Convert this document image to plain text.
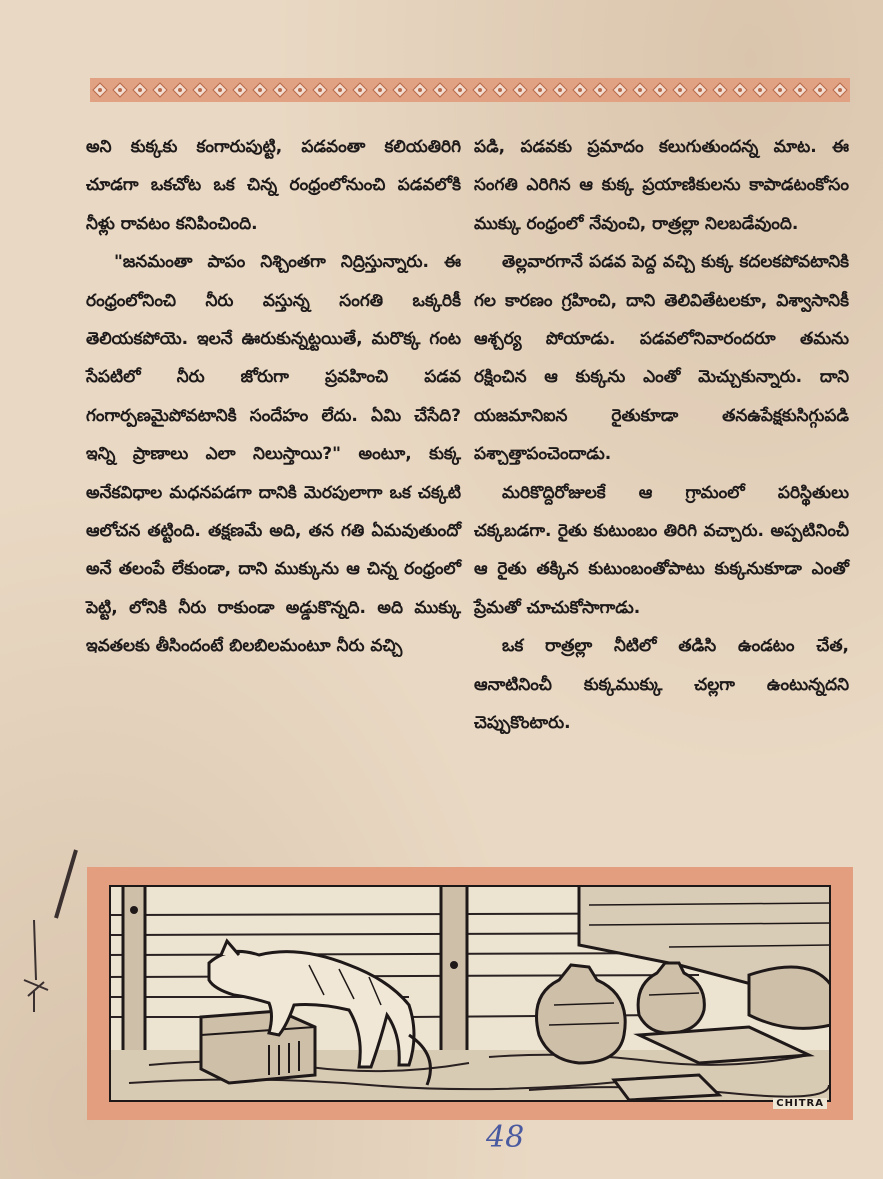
అని కుక్కకు కంగారుపుట్టి, పడవంతా కలియతిరిగి చూడగా ఒకచోట ఒక చిన్న రంధ్రంలోనుంచి పడవలోకి నీళ్లు రావటం కనిపించింది.

"జనమంతా పాపం నిశ్చింతగా నిద్రిస్తున్నారు. ఈ రంధ్రంలోనించి నీరు వస్తున్న సంగతి ఒక్కరికీ తెలియకపోయె. ఇలనే ఊరుకున్నట్టయితే, మరొక్క గంట సేపటిలో నీరు జోరుగా ప్రవహించి పడవ గంగార్పణమైపోవటానికి సందేహం లేదు. ఏమి చేసేది? ఇన్ని ప్రాణాలు ఎలా నిలుస్తాయి?" అంటూ, కుక్క అనేకవిధాల మధనపడగా దానికి మెరపులాగా ఒక చక్కటి ఆలోచన తట్టింది. తక్షణమే అది, తన గతి ఏమవుతుందో అనే తలంపే లేకుండా, దాని ముక్కును ఆ చిన్న రంధ్రంలో పెట్టి, లోనికి నీరు రాకుండా అడ్డుకొన్నది. అది ముక్కు ఇవతలకు తీసిందంటే బిలబిలమంటూ నీరు వచ్చి

పడి, పడవకు ప్రమాదం కలుగుతుందన్న మాట. ఈ సంగతి ఎరిగిన ఆ కుక్క ప్రయాణికులను కాపాడటంకోసం ముక్కు రంధ్రంలో నేవుంచి, రాత్రల్లా నిలబడేవుంది.

తెల్లవారగానే పడవ పెద్ద వచ్చి కుక్క కదలకపోవటానికి గల కారణం గ్రహించి, దాని తెలివితేటలకూ, విశ్వాసానికీ ఆశ్చర్య పోయాడు. పడవలోనివారందరూ తమను రక్షించిన ఆ కుక్కను ఎంతో మెచ్చుకున్నారు. దాని యజమానిఐన రైతుకూడా తనఉపేక్షకుసిగ్గుపడి పశ్చాత్తాపంచెందాడు.

మరికొద్దిరోజులకే ఆ గ్రామంలో పరిస్థితులు చక్కబడగా. రైతు కుటుంబం తిరిగి వచ్చారు. అప్పటినించీ ఆ రైతు తక్కిన కుటుంబంతోపాటు కుక్కనుకూడా ఎంతో ప్రేమతో చూచుకోసాగాడు.

ఒక రాత్రల్లా నీటిలో తడిసి ఉండటం చేత, ఆనాటినించీ కుక్కముక్కు చల్లగా ఉంటున్నదని చెప్పుకొంటారు.

CHITRA
48
